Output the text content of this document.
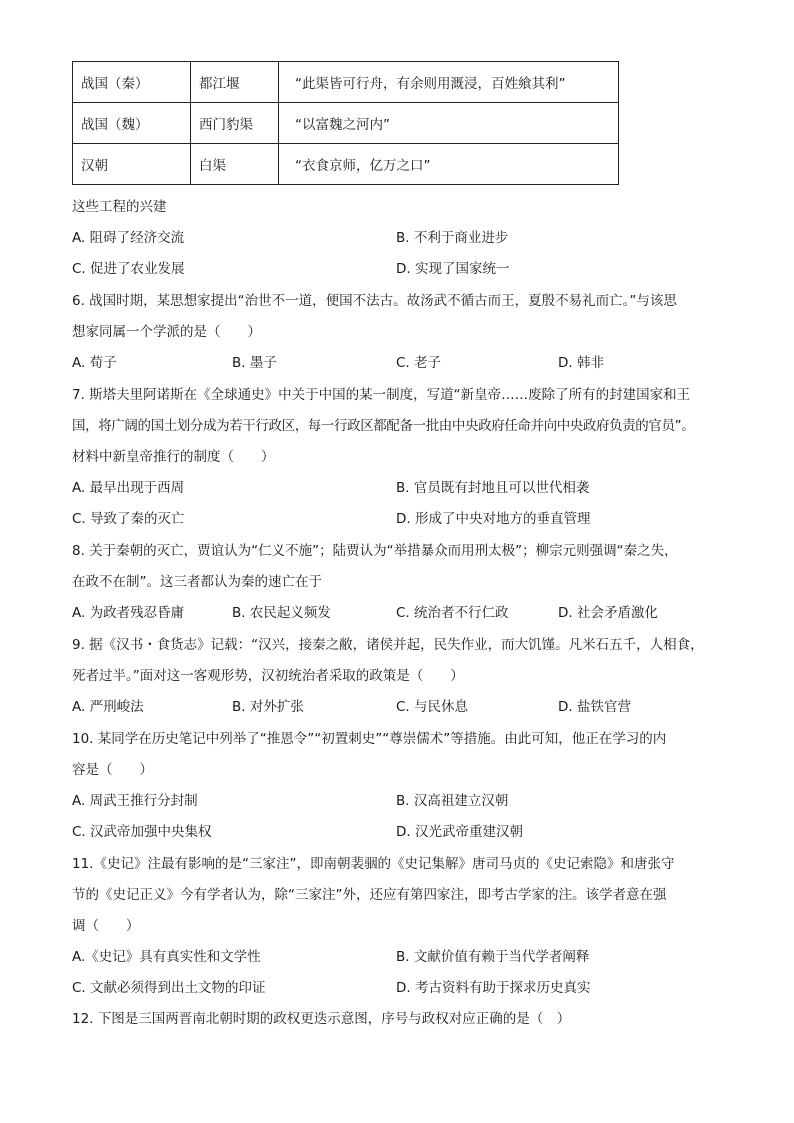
战国（秦）	都江堰	“此渠皆可行舟，有余则用溉浸，百姓飨其利”
战国（魏）	西门豹渠	“以富魏之河内”
汉朝	白渠	“衣食京师，亿万之口”
这些工程的兴建
A. 阻碍了经济交流	B. 不利于商业进步
C. 促进了农业发展	D. 实现了国家统一
6. 战国时期，某思想家提出“治世不一道，便国不法古。故汤武不循古而王，夏殷不易礼而亡。”与该思
想家同属一个学派的是（　　）
A. 荀子	B. 墨子	C. 老子	D. 韩非
7. 斯塔夫里阿诺斯在《全球通史》中关于中国的某一制度，写道“新皇帝……废除了所有的封建国家和王
国，将广阔的国土划分成为若干行政区，每一行政区都配备一批由中央政府任命并向中央政府负责的官员”。
材料中新皇帝推行的制度（　　）
A. 最早出现于西周	B. 官员既有封地且可以世代相袭
C. 导致了秦的灭亡	D. 形成了中央对地方的垂直管理
8. 关于秦朝的灭亡，贾谊认为“仁义不施”；陆贾认为“举措暴众而用刑太极”；柳宗元则强调“秦之失，
在政不在制”。这三者都认为秦的速亡在于
A. 为政者残忍昏庸	B. 农民起义频发	C. 统治者不行仁政	D. 社会矛盾激化
9. 据《汉书・食货志》记载：“汉兴，接秦之敝，诸侯并起，民失作业，而大饥馑。凡米石五千，人相食，
死者过半。”面对这一客观形势，汉初统治者采取的政策是（　　）
A. 严刑峻法	B. 对外扩张	C. 与民休息	D. 盐铁官营
10. 某同学在历史笔记中列举了“推恩令”“初置刺史”“尊崇儒术”等措施。由此可知，他正在学习的内
容是（　　）
A. 周武王推行分封制	B. 汉高祖建立汉朝
C. 汉武帝加强中央集权	D. 汉光武帝重建汉朝
11.《史记》注最有影响的是“三家注”，即南朝裴骃的《史记集解》唐司马贞的《史记索隐》和唐张守
节的《史记正义》今有学者认为，除“三家注”外，还应有第四家注，即考古学家的注。该学者意在强
调（　　）
A.《史记》具有真实性和文学性	B. 文献价值有赖于当代学者阐释
C. 文献必须得到出土文物的印证	D. 考古资料有助于探求历史真实
12. 下图是三国两晋南北朝时期的政权更迭示意图，序号与政权对应正确的是（　）
